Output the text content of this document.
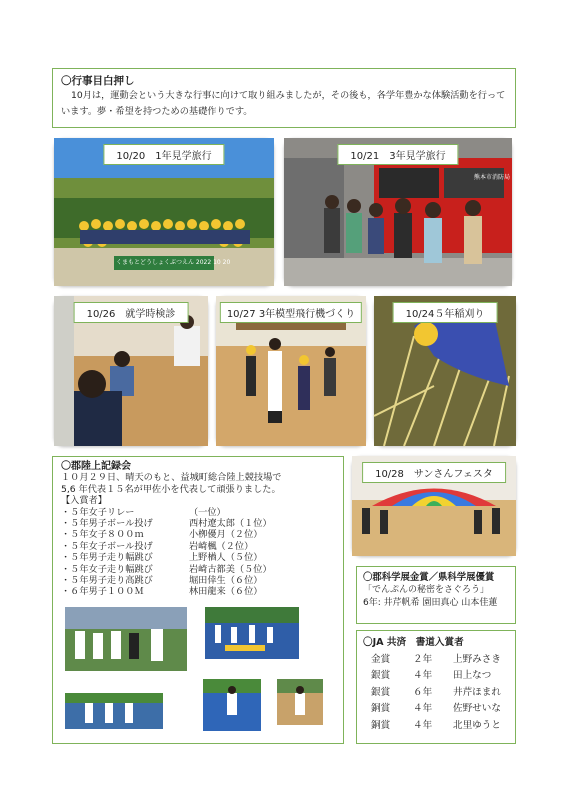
〇行事目白押し
10月は，運動会という大きな行事に向けて取り組みましたが，その後も，各学年豊かな体験活動を行っています。夢・希望を持つための基礎作りです。
10/20　1年見学旅行
くまもとどうしょくぶつえん 2022 10 20
10/21　3年見学旅行
熊本市消防局
10/26　就学時検診	10/27 3年模型飛行機づくり	10/24５年稲刈り
10/28　サンさんフェスタ
〇郡陸上記録会
１０月２９日、晴天のもと、益城町総合陸上競技場で
5,6 年代表１５名が甲佐小を代表して頑張りました。
【入賞者】
・５年女子リレー	（一位）
・５年男子ボール投げ	西村遼太郎（１位）
・５年女子８００ｍ	小栁優月（２位）
・５年女子ボール投げ	岩崎楓（２位）
・５年男子走り幅跳び	上野楢人（５位）
・５年女子走り幅跳び	岩崎古都美（５位）
・５年男子走り高跳び	堀田倖生（６位）
・６年男子１００Ｍ	林田龍来（６位）
〇郡科学展金賞／県科学展優賞
「でんぷんの秘密をさぐろう」
6年: 井芹帆希 園田真心 山本佳蓮
〇JA 共済　書道入賞者
金賞 ２年 上野みさき
銀賞 ４年 田上なつ
銀賞 ６年 井芹ほまれ
銅賞 ４年 佐野せいな
銅賞 ４年 北里ゆうと
